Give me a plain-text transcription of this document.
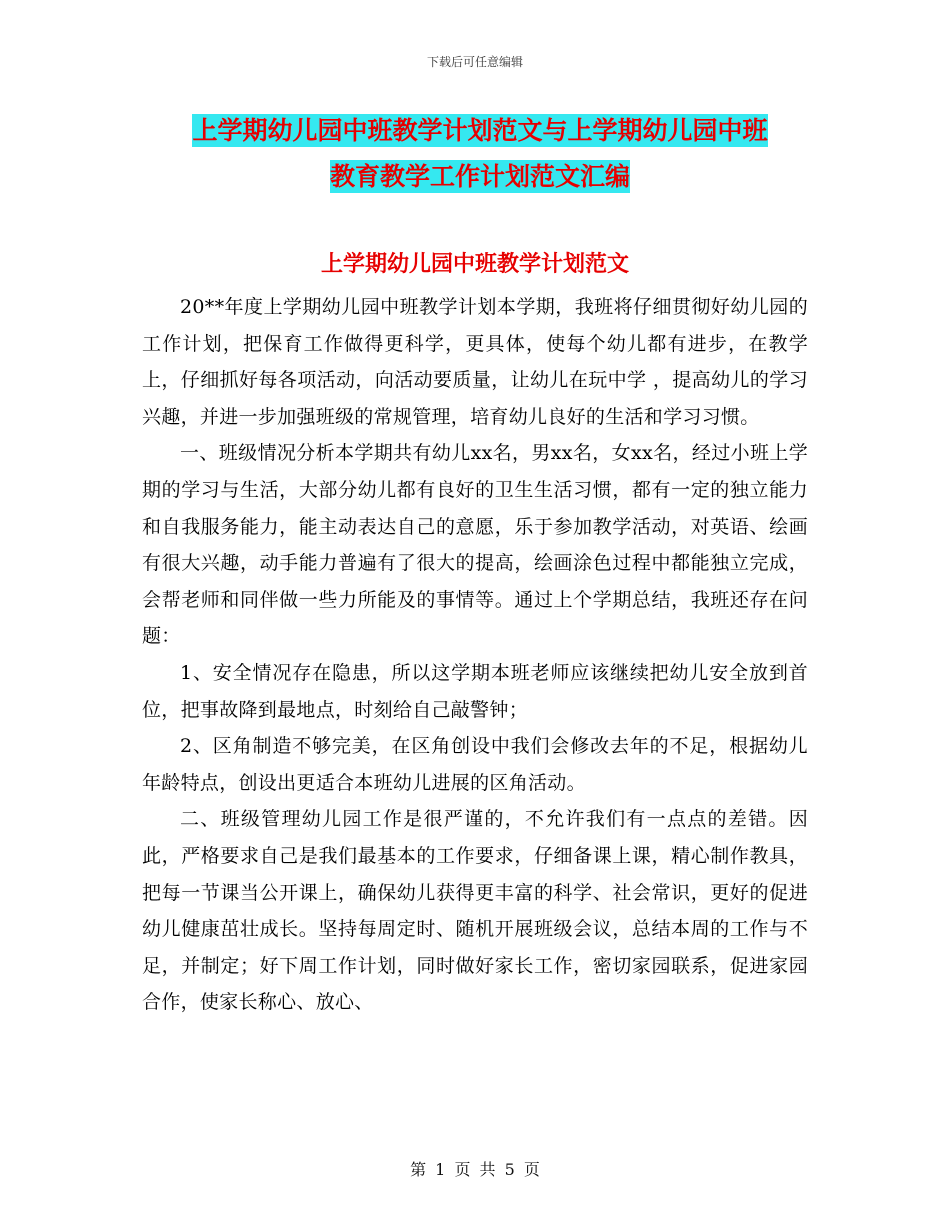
下载后可任意编辑
上学期幼儿园中班教学计划范文与上学期幼儿园中班
教育教学工作计划范文汇编
上学期幼儿园中班教学计划范文

20**年度上学期幼儿园中班教学计划本学期，我班将仔细贯彻好幼儿园的工作计划，把保育工作做得更科学，更具体，使每个幼儿都有进步，在教学上，仔细抓好每各项活动，向活动要质量，让幼儿在玩中学 ，提高幼儿的学习兴趣，并进一步加强班级的常规管理，培育幼儿良好的生活和学习习惯。

一、班级情况分析本学期共有幼儿xx名，男xx名，女xx名，经过小班上学期的学习与生活，大部分幼儿都有良好的卫生生活习惯，都有一定的独立能力和自我服务能力，能主动表达自己的意愿，乐于参加教学活动，对英语、绘画有很大兴趣，动手能力普遍有了很大的提高，绘画涂色过程中都能独立完成，会帮老师和同伴做一些力所能及的事情等。通过上个学期总结，我班还存在问题：

1、安全情况存在隐患，所以这学期本班老师应该继续把幼儿安全放到首位，把事故降到最地点，时刻给自己敲警钟；

2、区角制造不够完美，在区角创设中我们会修改去年的不足，根据幼儿年龄特点，创设出更适合本班幼儿进展的区角活动。

二、班级管理幼儿园工作是很严谨的，不允许我们有一点点的差错。因此，严格要求自己是我们最基本的工作要求，仔细备课上课，精心制作教具，把每一节课当公开课上，确保幼儿获得更丰富的科学、社会常识，更好的促进幼儿健康茁壮成长。坚持每周定时、随机开展班级会议，总结本周的工作与不足，并制定；好下周工作计划，同时做好家长工作，密切家园联系，促进家园合作，使家长称心、放心、

第 1 页 共 5 页
